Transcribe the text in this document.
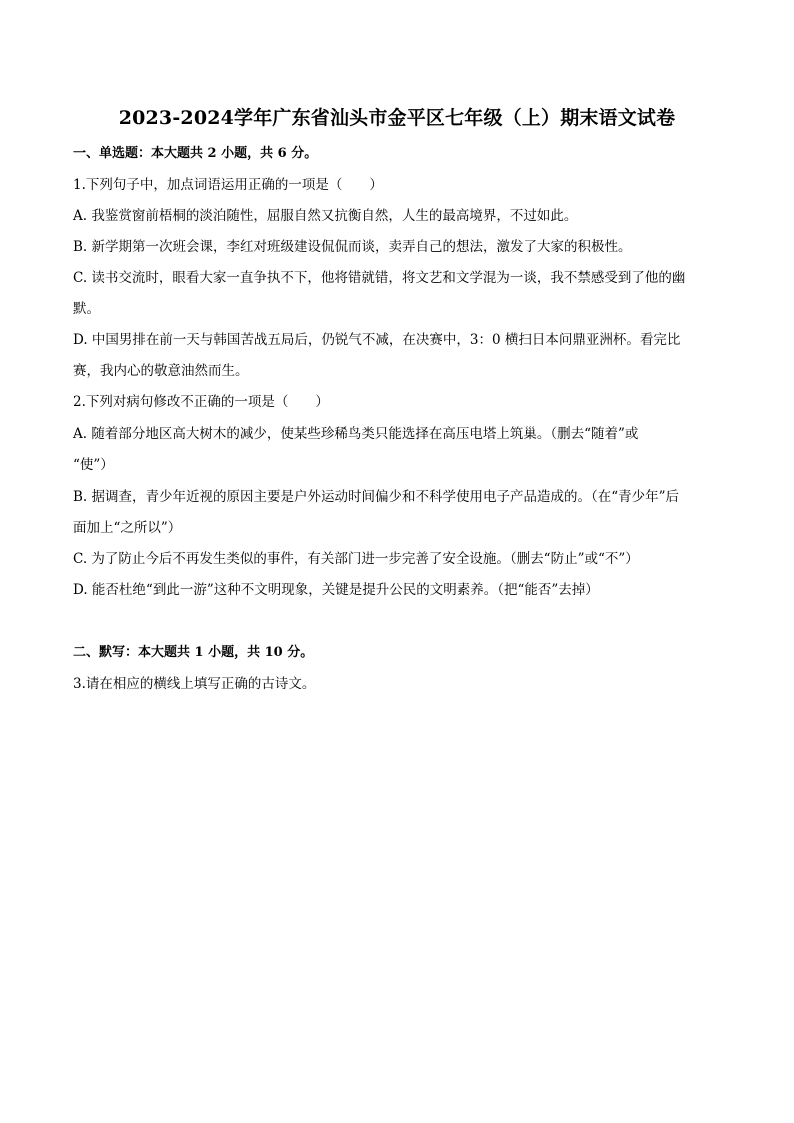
2023-2024学年广东省汕头市金平区七年级（上）期末语文试卷
一、单选题：本大题共 2 小题，共 6 分。
1.下列句子中，加点词语运用正确的一项是（　　）
A. 我鉴赏窗前梧桐的淡泊随性，屈服自然又抗衡自然，人生的最高境界，不过如此。
B. 新学期第一次班会课，李红对班级建设侃侃而谈，卖弄自己的想法，激发了大家的积极性。
C. 读书交流时，眼看大家一直争执不下，他将错就错，将文艺和文学混为一谈，我不禁感受到了他的幽
默。
D. 中国男排在前一天与韩国苦战五局后，仍锐气不减，在决赛中，3：0 横扫日本问鼎亚洲杯。看完比
赛，我内心的敬意油然而生。
2.下列对病句修改不正确的一项是（　　）
A. 随着部分地区高大树木的减少，使某些珍稀鸟类只能选择在高压电塔上筑巢。（删去“随着”或
“使”）
B. 据调查，青少年近视的原因主要是户外运动时间偏少和不科学使用电子产品造成的。（在“青少年”后
面加上“之所以”）
C. 为了防止今后不再发生类似的事件，有关部门进一步完善了安全设施。（删去“防止”或“不”）
D. 能否杜绝“到此一游”这种不文明现象，关键是提升公民的文明素养。（把“能否”去掉）
二、默写：本大题共 1 小题，共 10 分。
3.请在相应的横线上填写正确的古诗文。
